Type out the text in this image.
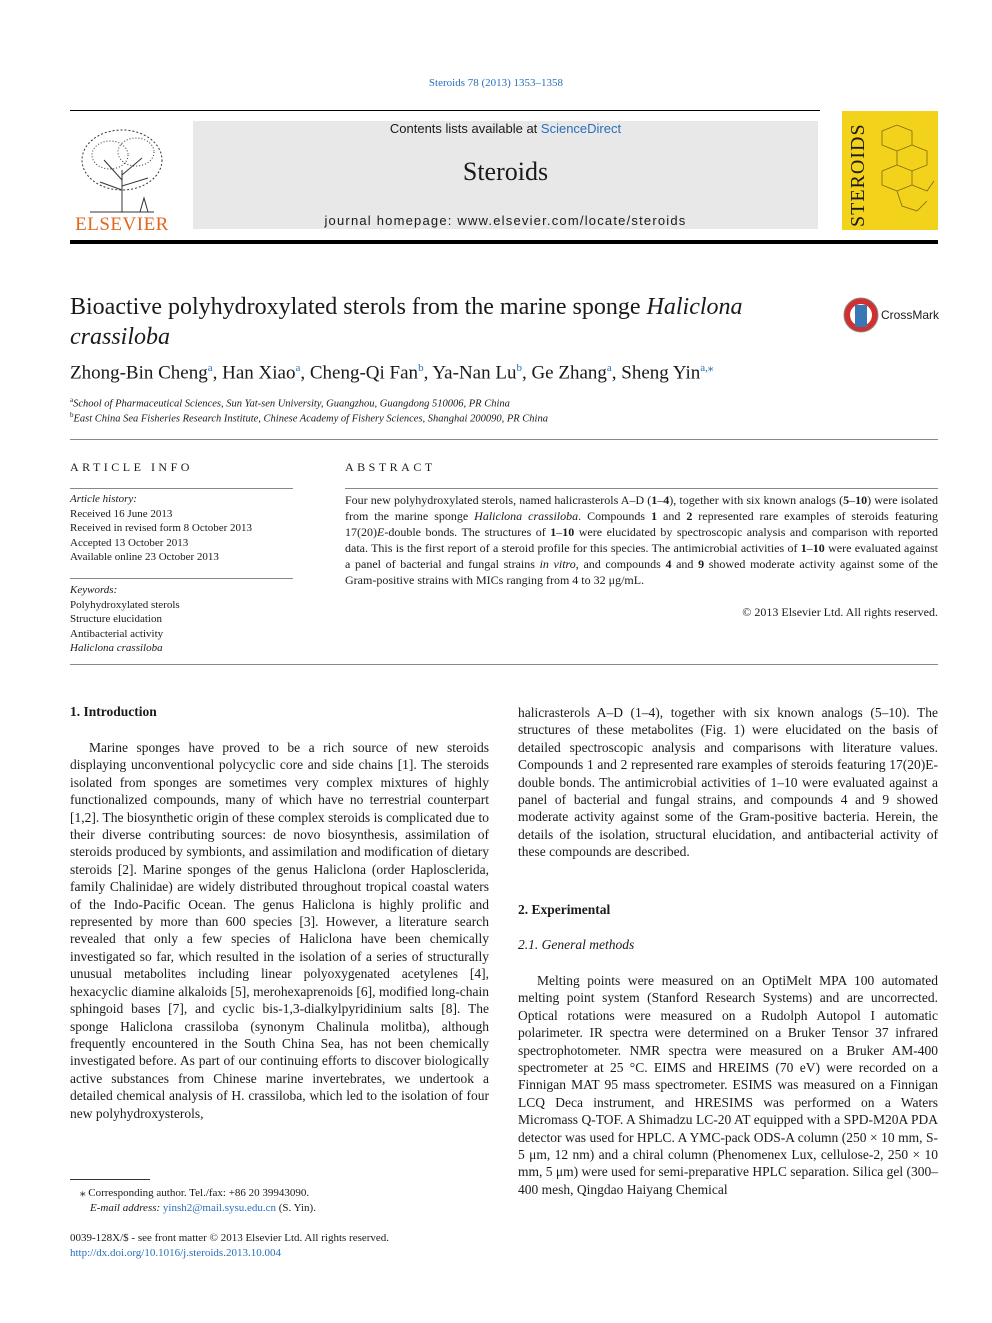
Steroids 78 (2013) 1353–1358
ELSEVIER
Contents lists available at ScienceDirect
Steroids
journal homepage: www.elsevier.com/locate/steroids	STEROIDS
Bioactive polyhydroxylated sterols from the marine sponge Haliclona
crassiloba
CrossMark
Zhong-Bin Cheng$^a$, Han Xiao$^a$, Cheng-Qi Fan$^b$, Ya-Nan Lu$^b$, Ge Zhang$^a$, Sheng Yin$^{a,⁎}$
$^a$School of Pharmaceutical Sciences, Sun Yat-sen University, Guangzhou, Guangdong 510006, PR China
$^b$East China Sea Fisheries Research Institute, Chinese Academy of Fishery Sciences, Shanghai 200090, PR China
ARTICLE INFO
Article history:
Received 16 June 2013
Received in revised form 8 October 2013
Accepted 13 October 2013
Available online 23 October 2013
Keywords:
Polyhydroxylated sterols
Structure elucidation
Antibacterial activity
Haliclona crassiloba
ABSTRACT
Four new polyhydroxylated sterols, named halicrasterols A–D (1–4), together with six known analogs (5–10) were isolated from the marine sponge Haliclona crassiloba. Compounds 1 and 2 represented rare examples of steroids featuring 17(20)E-double bonds. The structures of 1–10 were elucidated by spectroscopic analysis and comparison with reported data. This is the first report of a steroid profile for this species. The antimicrobial activities of 1–10 were evaluated against a panel of bacterial and fungal strains in vitro, and compounds 4 and 9 showed moderate activity against some of the Gram-positive strains with MICs ranging from 4 to 32 μg/mL.
© 2013 Elsevier Ltd. All rights reserved.
1. Introduction

Marine sponges have proved to be a rich source of new steroids displaying unconventional polycyclic core and side chains [1]. The steroids isolated from sponges are sometimes very complex mixtures of highly functionalized compounds, many of which have no terrestrial counterpart [1,2]. The biosynthetic origin of these complex steroids is complicated due to their diverse contributing sources: de novo biosynthesis, assimilation of steroids produced by symbionts, and assimilation and modification of dietary steroids [2]. Marine sponges of the genus Haliclona (order Haplosclerida, family Chalinidae) are widely distributed throughout tropical coastal waters of the Indo-Pacific Ocean. The genus Haliclona is highly prolific and represented by more than 600 species [3]. However, a literature search revealed that only a few species of Haliclona have been chemically investigated so far, which resulted in the isolation of a series of structurally unusual metabolites including linear polyoxygenated acetylenes [4], hexacyclic diamine alkaloids [5], merohexaprenoids [6], modified long-chain sphingoid bases [7], and cyclic bis-1,3-dialkylpyridinium salts [8]. The sponge Haliclona crassiloba (synonym Chalinula molitba), although frequently encountered in the South China Sea, has not been chemically investigated before. As part of our continuing efforts to discover biologically active substances from Chinese marine invertebrates, we undertook a detailed chemical analysis of H. crassiloba, which led to the isolation of four new polyhydroxysterols,

halicrasterols A–D (1–4), together with six known analogs (5–10). The structures of these metabolites (Fig. 1) were elucidated on the basis of detailed spectroscopic analysis and comparisons with literature values. Compounds 1 and 2 represented rare examples of steroids featuring 17(20)E-double bonds. The antimicrobial activities of 1–10 were evaluated against a panel of bacterial and fungal strains, and compounds 4 and 9 showed moderate activity against some of the Gram-positive bacteria. Herein, the details of the isolation, structural elucidation, and antibacterial activity of these compounds are described.

2. Experimental
2.1. General methods

Melting points were measured on an OptiMelt MPA 100 automated melting point system (Stanford Research Systems) and are uncorrected. Optical rotations were measured on a Rudolph Autopol I automatic polarimeter. IR spectra were determined on a Bruker Tensor 37 infrared spectrophotometer. NMR spectra were measured on a Bruker AM-400 spectrometer at 25 °C. EIMS and HREIMS (70 eV) were recorded on a Finnigan MAT 95 mass spectrometer. ESIMS was measured on a Finnigan LCQ Deca instrument, and HRESIMS was performed on a Waters Micromass Q-TOF. A Shimadzu LC-20 AT equipped with a SPD-M20A PDA detector was used for HPLC. A YMC-pack ODS-A column (250 × 10 mm, S-5 μm, 12 nm) and a chiral column (Phenomenex Lux, cellulose-2, 250 × 10 mm, 5 μm) were used for semi-preparative HPLC separation. Silica gel (300–400 mesh, Qingdao Haiyang Chemical

⁎ Corresponding author. Tel./fax: +86 20 39943090.
E-mail address: yinsh2@mail.sysu.edu.cn (S. Yin).
0039-128X/$ - see front matter © 2013 Elsevier Ltd. All rights reserved.
http://dx.doi.org/10.1016/j.steroids.2013.10.004
